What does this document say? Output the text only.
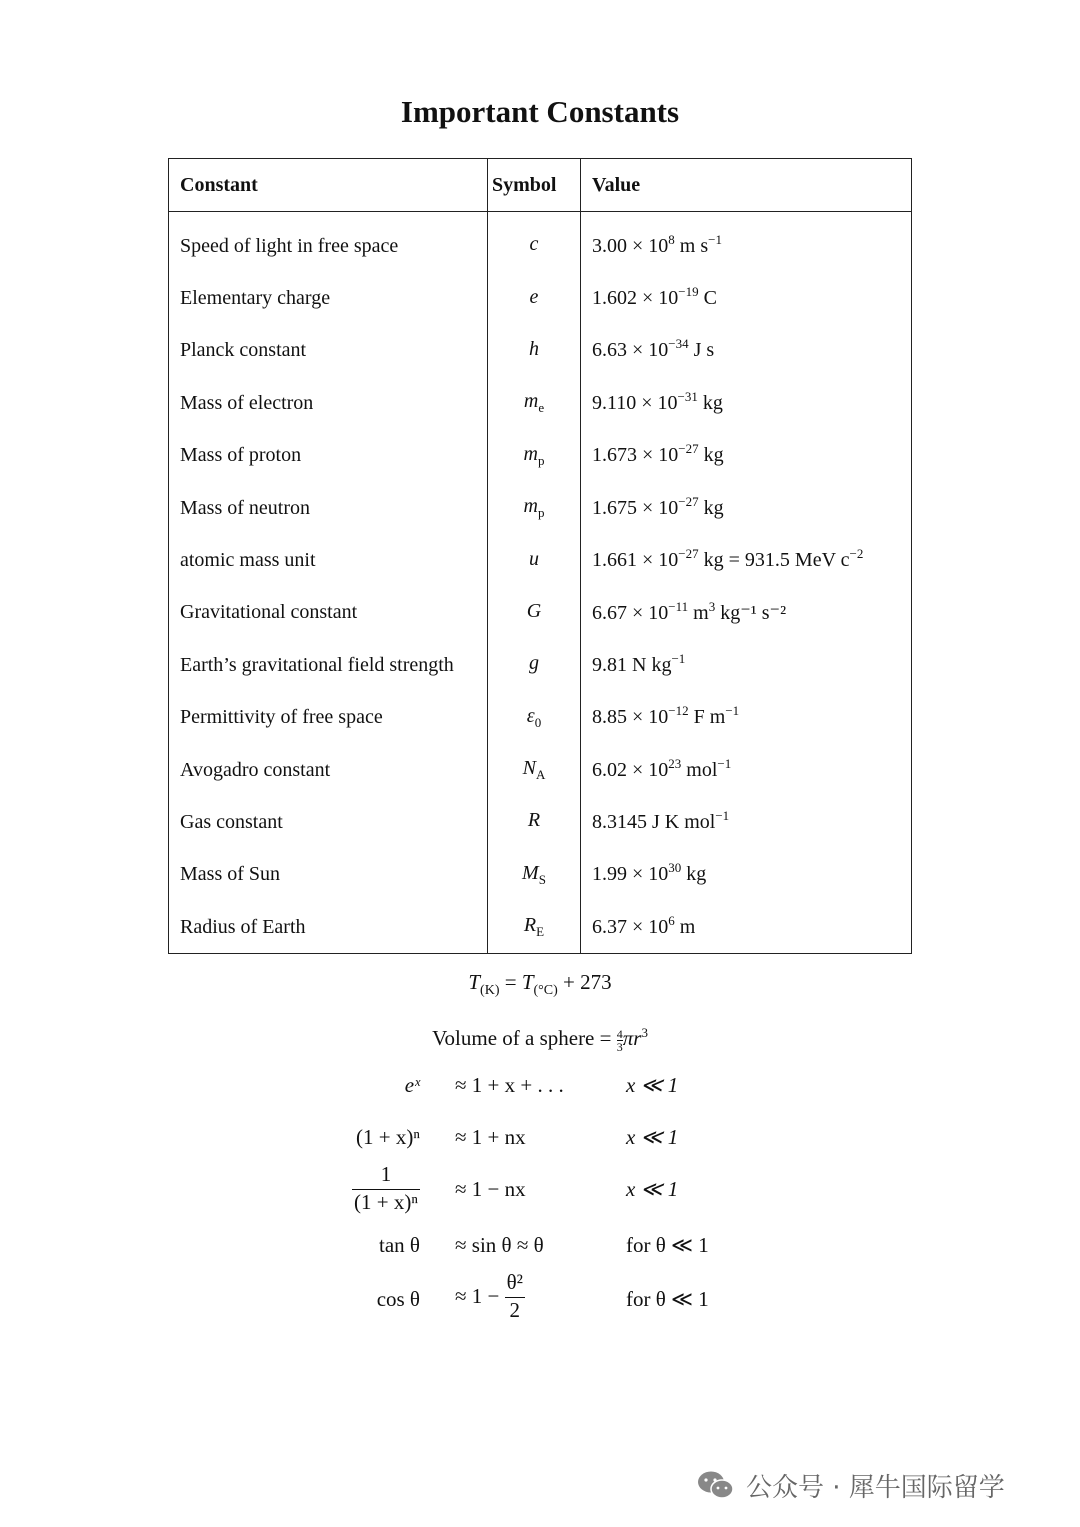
Important Constants
Constant	Symbol	Value
Speed of light in free space	c	$3.00 \times 10^8$ m $s^{-1}$
Elementary charge	e	$1.602 \times 10^{-19}$ C
Planck constant	h	$6.63 \times 10^{-34}$ J s
Mass of electron	$m_e$	$9.110 \times 10^{-31}$ kg
Mass of proton	$m_p$	$1.673 \times 10^{-27}$ kg
Mass of neutron	$m_p$	$1.675 \times 10^{-27}$ kg
atomic mass unit	u	$1.661 \times 10^{-27}$ kg = 931.5 MeV $c^{-2}$
Gravitational constant	G	$6.67 \times 10^{-11}$ $m^3$ kg⁻¹ s⁻²
Earth’s gravitational field strength	g	9.81 N $kg^{-1}$
Permittivity of free space	$\varepsilon_0$	$8.85 \times 10^{-12}$ F $m^{-1}$
Avogadro constant	$N_A$	$6.02 \times 10^{23}$ mol$^{-1}$
Gas constant	R	8.3145 J K mol$^{-1}$
Mass of Sun	$M_S$	$1.99 \times 10^{30}$ kg
Radius of Earth	$R_E$	$6.37 \times 10^6$ m
$T_{(K)} = T_{(^\circ C)} + 273$
Volume of a sphere = $\frac{4}{3} \pi r^3$
eˣ ≈ 1 + x + . . .	x ≪ 1
(1 + x)ⁿ ≈ 1 + nx	x ≪ 1
$\frac{1}{\text{(1 + x)ⁿ}} \approx 1$ − nx	x ≪ 1
tan θ ≈ sin θ ≈ θ	for θ ≪ 1
$\cos \theta \approx 1 - \frac{\text{θ²}}{2}$	for θ ≪ 1
公众号 · 犀牛国际留学
